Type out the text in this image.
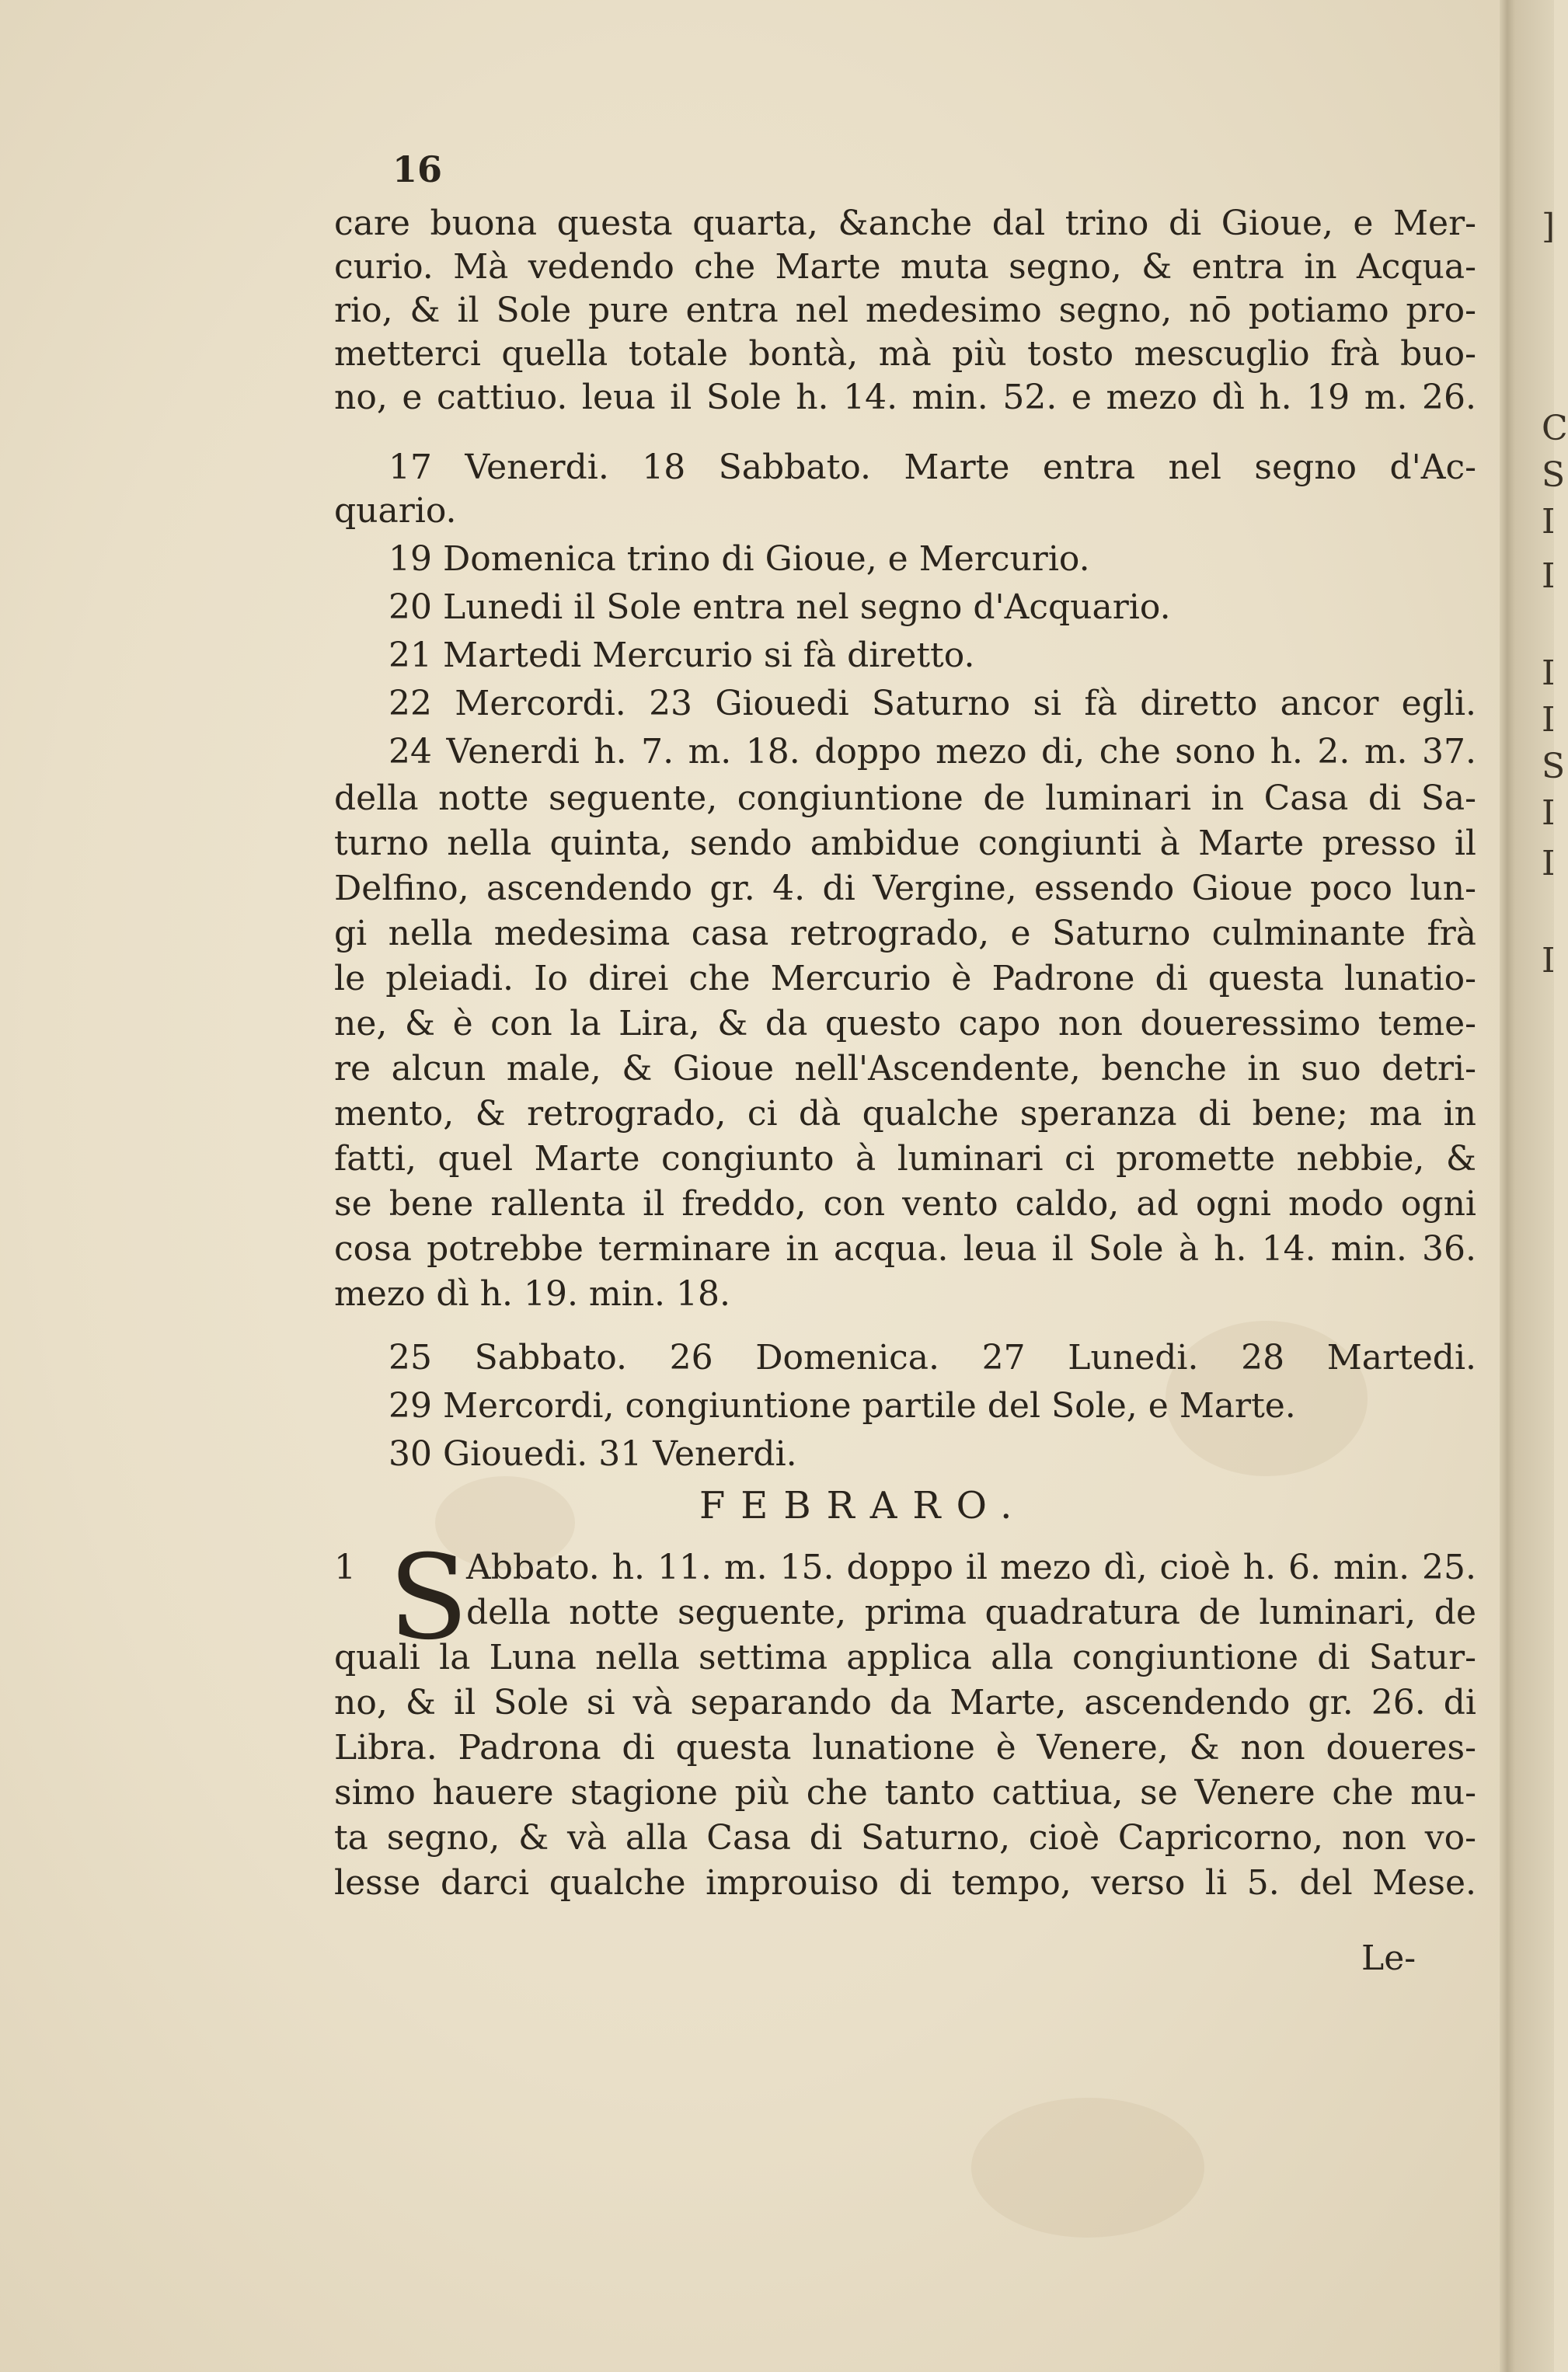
16
care buona questa quarta, &anche dal trino di Gioue, e Mer-
curio. Mà vedendo che Marte muta segno, & entra in Acqua-
rio, & il Sole pure entra nel medesimo segno, nō potiamo pro-
metterci quella totale bontà, mà più tosto mescuglio frà buo-
no, e cattiuo. leua il Sole h. 14. min. 52. e mezo dì h. 19 m. 26.
17 Venerdi. 18 Sabbato. Marte entra nel segno d'Ac-
quario.
19 Domenica trino di Gioue, e Mercurio.
20 Lunedi il Sole entra nel segno d'Acquario.
21 Martedi Mercurio si fà diretto.
22 Mercordi. 23 Giouedi Saturno si fà diretto ancor egli.
24 Venerdi h. 7. m. 18. doppo mezo di, che sono h. 2. m. 37.
della notte seguente, congiuntione de luminari in Casa di Sa-
turno nella quinta, sendo ambidue congiunti à Marte presso il
Delfino, ascendendo gr. 4. di Vergine, essendo Gioue poco lun-
gi nella medesima casa retrogrado, e Saturno culminante frà
le pleiadi. Io direi che Mercurio è Padrone di questa lunatio-
ne, & è con la Lira, & da questo capo non doueressimo teme-
re alcun male, & Gioue nell'Ascendente, benche in suo detri-
mento, & retrogrado, ci dà qualche speranza di bene; ma in
fatti, quel Marte congiunto à luminari ci promette nebbie, &
se bene rallenta il freddo, con vento caldo, ad ogni modo ogni
cosa potrebbe terminare in acqua. leua il Sole à h. 14. min. 36.
mezo dì h. 19. min. 18.
25 Sabbato. 26 Domenica. 27 Lunedi. 28 Martedi.
29 Mercordi, congiuntione partile del Sole, e Marte.
30 Giouedi. 31 Venerdi.
FEBRARO.
1 S
Abbato. h. 11. m. 15. doppo il mezo dì, cioè h. 6. min. 25.
della notte seguente, prima quadratura de luminari, de
quali la Luna nella settima applica alla congiuntione di Satur-
no, & il Sole si và separando da Marte, ascendendo gr. 26. di
Libra. Padrona di questa lunatione è Venere, & non doueres-
simo hauere stagione più che tanto cattiua, se Venere che mu-
ta segno, & và alla Casa di Saturno, cioè Capricorno, non vo-
lesse darci qualche improuiso di tempo, verso li 5. del Mese.
Le-
]
C
S
I
I
I
I
S
I
I
I
